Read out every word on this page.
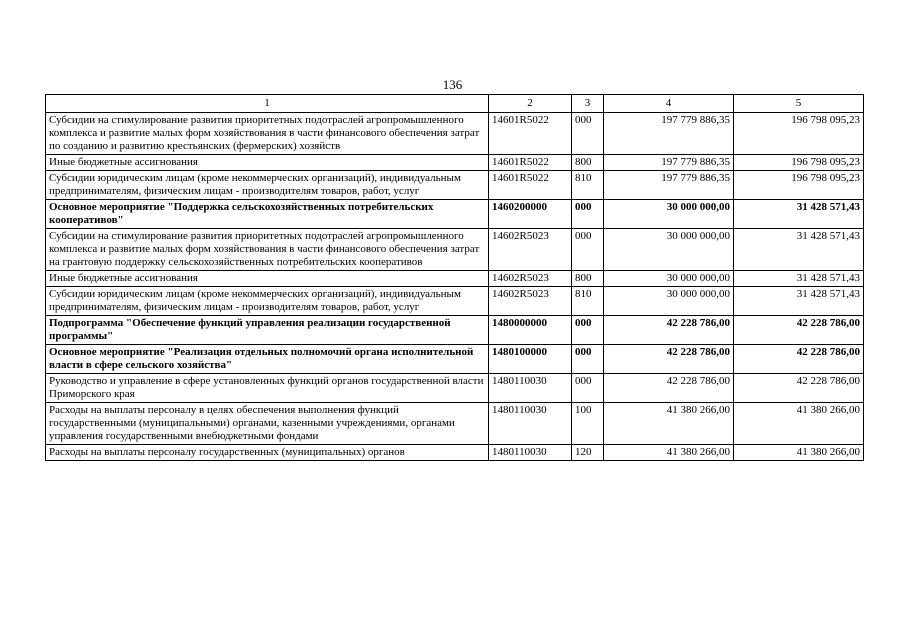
136
1	2	3	4	5
Субсидии на стимулирование развития приоритетных подотраслей агропромышленного комплекса и развитие малых форм хозяйствования в части финансового обеспечения затрат по созданию и развитию крестьянских (фермерских) хозяйств	14601R5022	000	197 779 886,35	196 798 095,23
Иные бюджетные ассигнования	14601R5022	800	197 779 886,35	196 798 095,23
Субсидии юридическим лицам (кроме некоммерческих организаций), индивидуальным предпринимателям, физическим лицам - производителям товаров, работ, услуг	14601R5022	810	197 779 886,35	196 798 095,23
Основное мероприятие "Поддержка сельскохозяйственных потребительских кооперативов"	1460200000	000	30 000 000,00	31 428 571,43
Субсидии на стимулирование развития приоритетных подотраслей агропромышленного комплекса и развитие малых форм хозяйствования в части финансового обеспечения затрат на грантовую поддержку сельскохозяйственных потребительских кооперативов	14602R5023	000	30 000 000,00	31 428 571,43
Иные бюджетные ассигнования	14602R5023	800	30 000 000,00	31 428 571,43
Субсидии юридическим лицам (кроме некоммерческих организаций), индивидуальным предпринимателям, физическим лицам - производителям товаров, работ, услуг	14602R5023	810	30 000 000,00	31 428 571,43
Подпрограмма "Обеспечение функций управления реализации государственной программы"	1480000000	000	42 228 786,00	42 228 786,00
Основное мероприятие "Реализация отдельных полномочий органа исполнительной власти в сфере сельского хозяйства"	1480100000	000	42 228 786,00	42 228 786,00
Руководство и управление в сфере установленных функций органов государственной власти Приморского края	1480110030	000	42 228 786,00	42 228 786,00
Расходы на выплаты персоналу в целях обеспечения выполнения функций государственными (муниципальными) органами, казенными учреждениями, органами управления государственными внебюджетными фондами	1480110030	100	41 380 266,00	41 380 266,00
Расходы на выплаты персоналу государственных (муниципальных) органов	1480110030	120	41 380 266,00	41 380 266,00
